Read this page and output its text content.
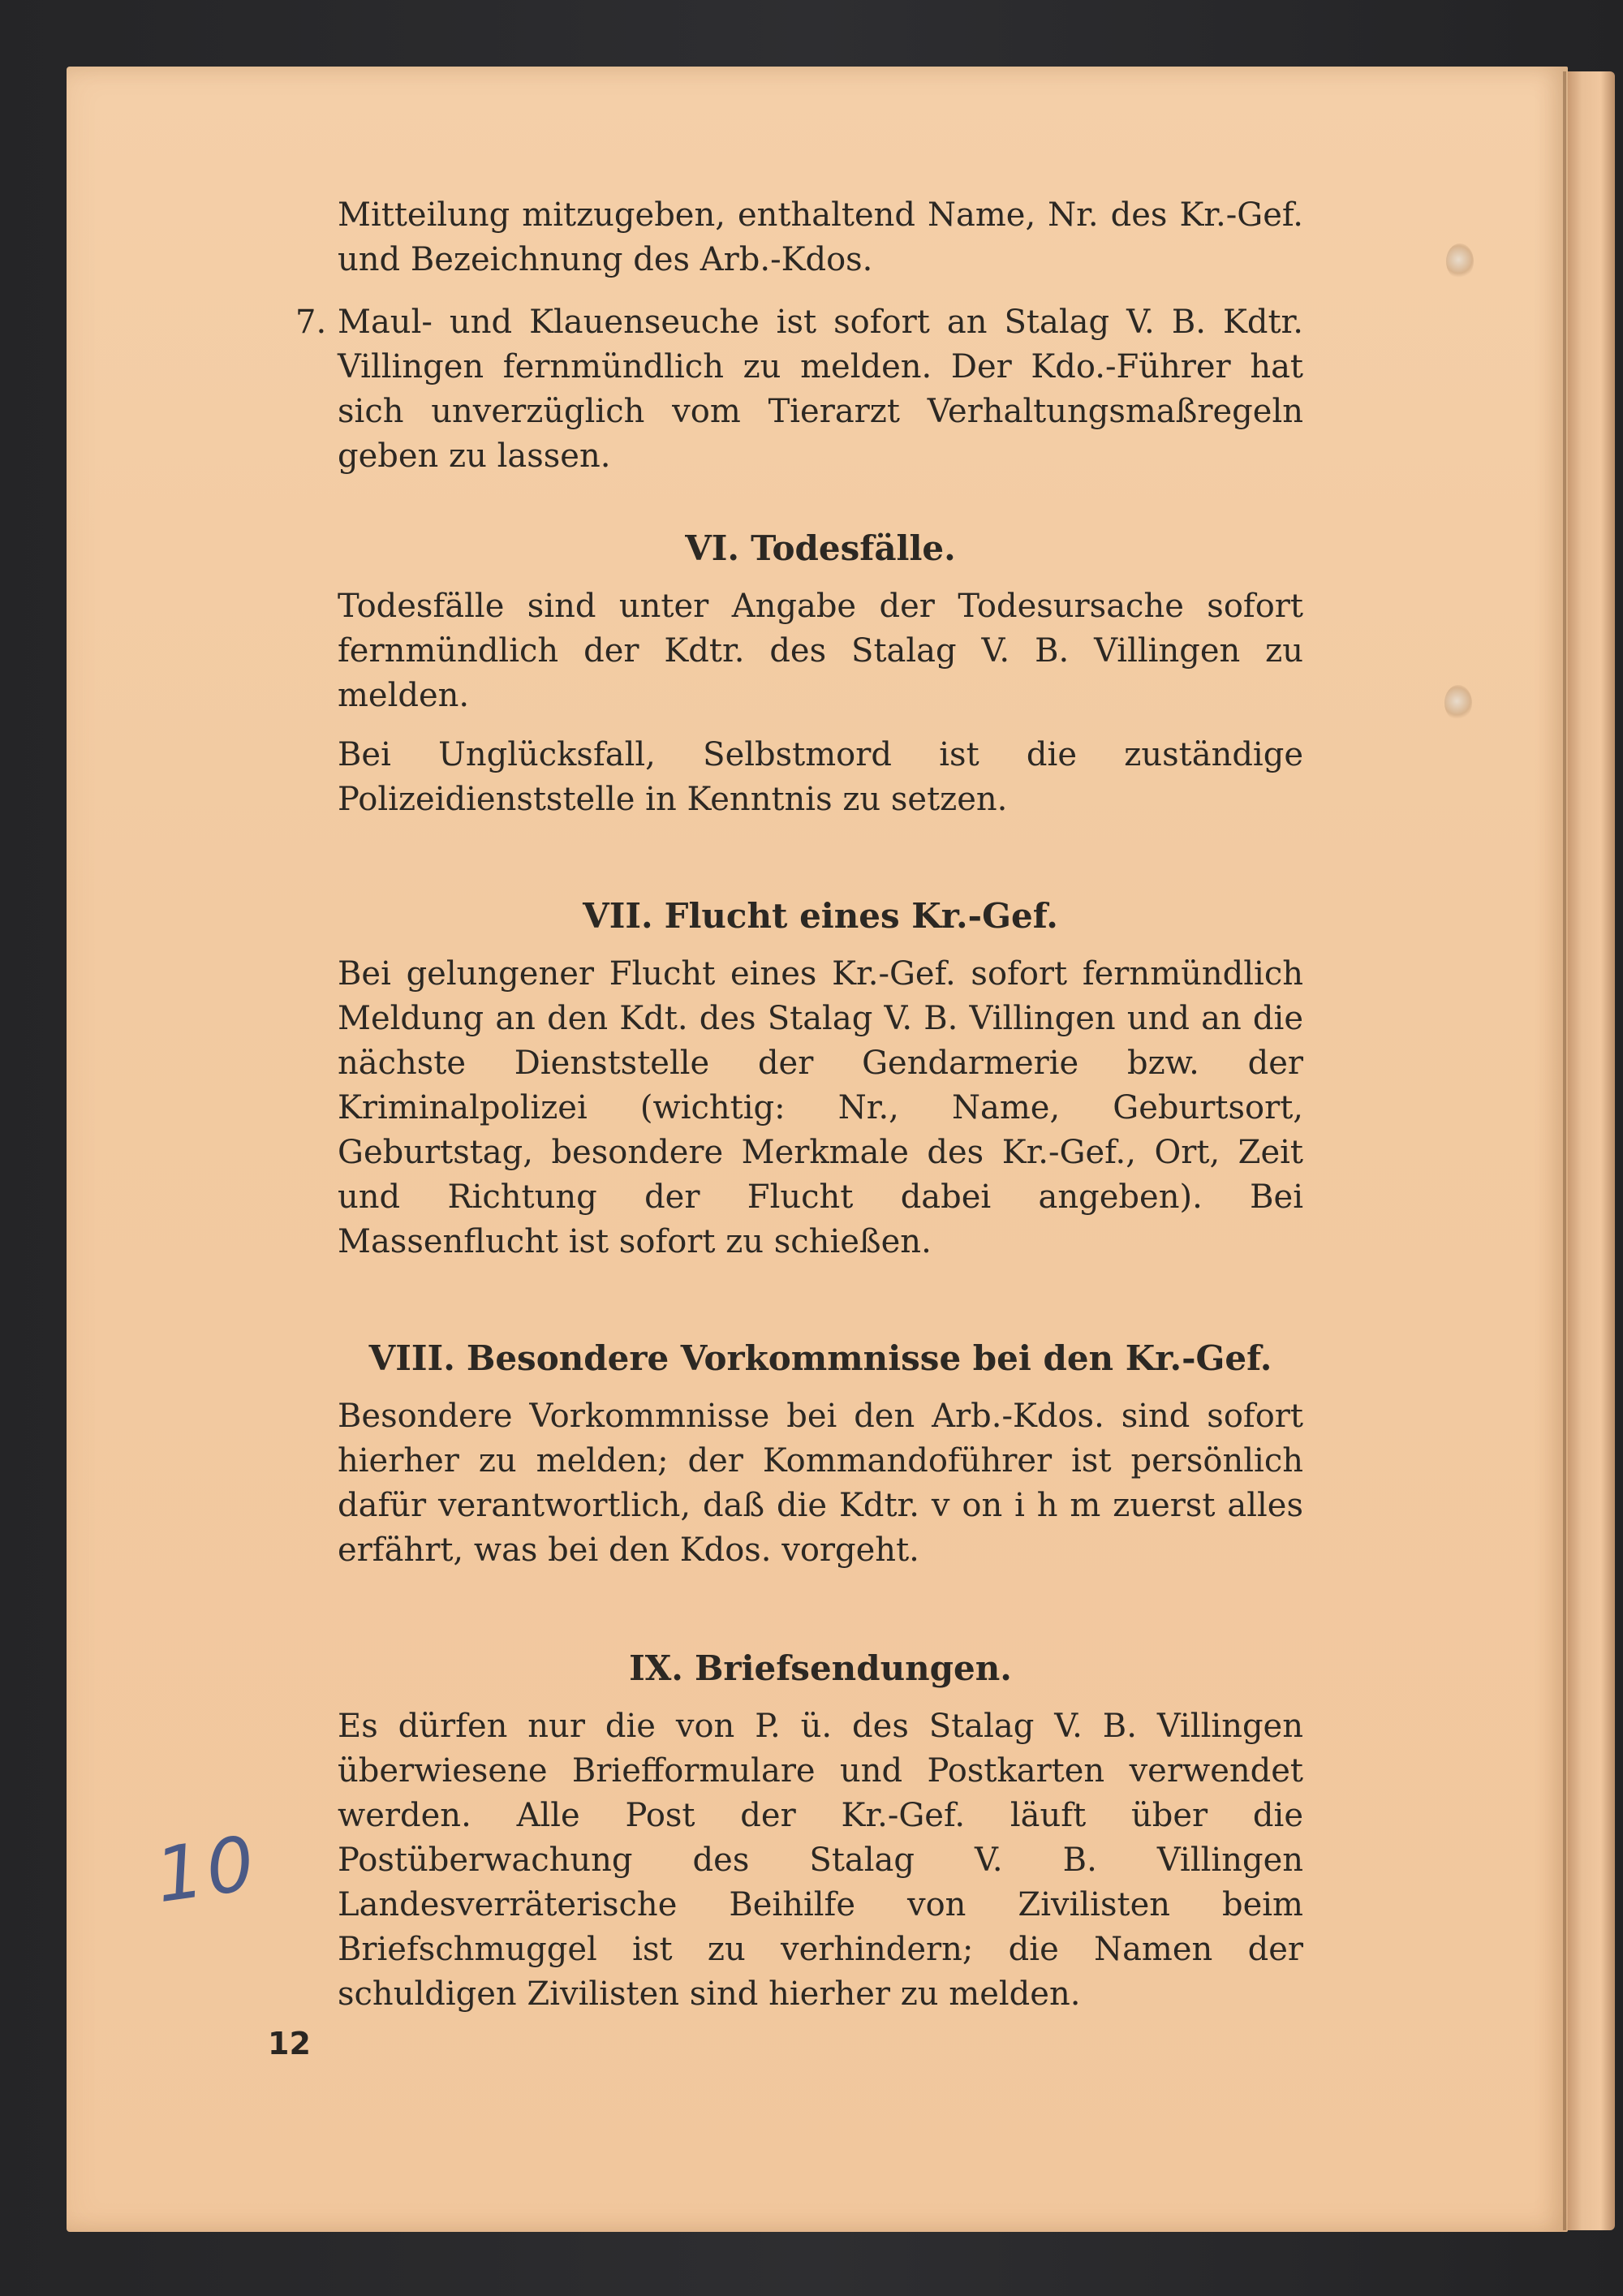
Mitteilung mitzugeben, enthaltend Name, Nr. des Kr.-Gef. und Bezeichnung des Arb.-Kdos.

7. Maul- und Klauenseuche ist sofort an Stalag V. B. Kdtr. Villingen fernmündlich zu melden. Der Kdo.-Führer hat sich unverzüglich vom Tierarzt Verhaltungsmaßregeln geben zu lassen.
VI. Todesfälle.

Todesfälle sind unter Angabe der Todesursache sofort fernmündlich der Kdtr. des Stalag V. B. Villingen zu melden.

Bei Unglücksfall, Selbstmord ist die zuständige Polizeidienststelle in Kenntnis zu setzen.

VII. Flucht eines Kr.-Gef.

Bei gelungener Flucht eines Kr.-Gef. sofort fernmündlich Meldung an den Kdt. des Stalag V. B. Villingen und an die nächste Dienststelle der Gendarmerie bzw. der Kriminalpolizei (wichtig: Nr., Name, Geburtsort, Geburtstag, besondere Merkmale des Kr.-Gef., Ort, Zeit und Richtung der Flucht dabei angeben). Bei Massenflucht ist sofort zu schießen.

VIII. Besondere Vorkommnisse bei den Kr.-Gef.

Besondere Vorkommnisse bei den Arb.-Kdos. sind sofort hierher zu melden; der Kommandoführer ist persönlich dafür verantwortlich, daß die Kdtr. v on i h m zuerst alles erfährt, was bei den Kdos. vorgeht.

IX. Briefsendungen.

Es dürfen nur die von P. ü. des Stalag V. B. Villingen überwiesene Briefformulare und Postkarten verwendet werden. Alle Post der Kr.-Gef. läuft über die Postüberwachung des Stalag V. B. Villingen Landesverräterische Beihilfe von Zivilisten beim Briefschmuggel ist zu verhindern; die Namen der schuldigen Zivilisten sind hierher zu melden.

10
12
